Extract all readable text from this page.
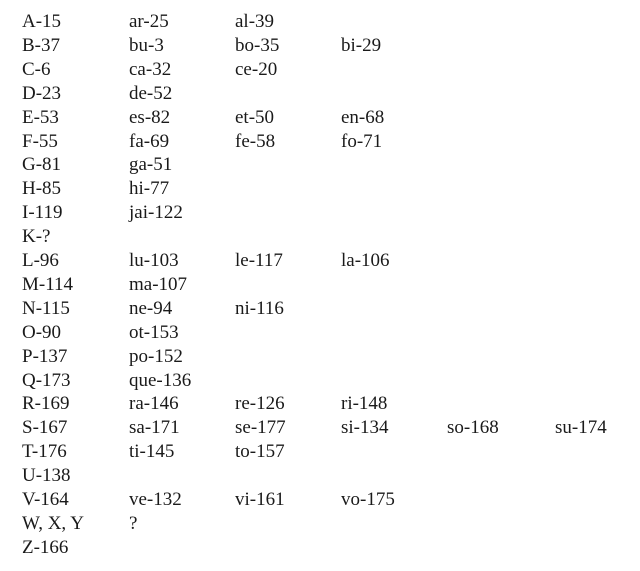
A-15	ar-25	al-39
B-37	bu-3	bo-35	bi-29
C-6	ca-32	ce-20
D-23	de-52
E-53	es-82	et-50	en-68
F-55	fa-69	fe-58	fo-71
G-81	ga-51
H-85	hi-77
I-119	jai-122
K-?
L-96	lu-103	le-117	la-106
M-114	ma-107
N-115	ne-94	ni-116
O-90	ot-153
P-137	po-152
Q-173	que-136
R-169	ra-146	re-126	ri-148
S-167	sa-171	se-177	si-134	so-168	su-174
T-176	ti-145	to-157
U-138
V-164	ve-132	vi-161	vo-175
W, X, Y ?
Z-166
